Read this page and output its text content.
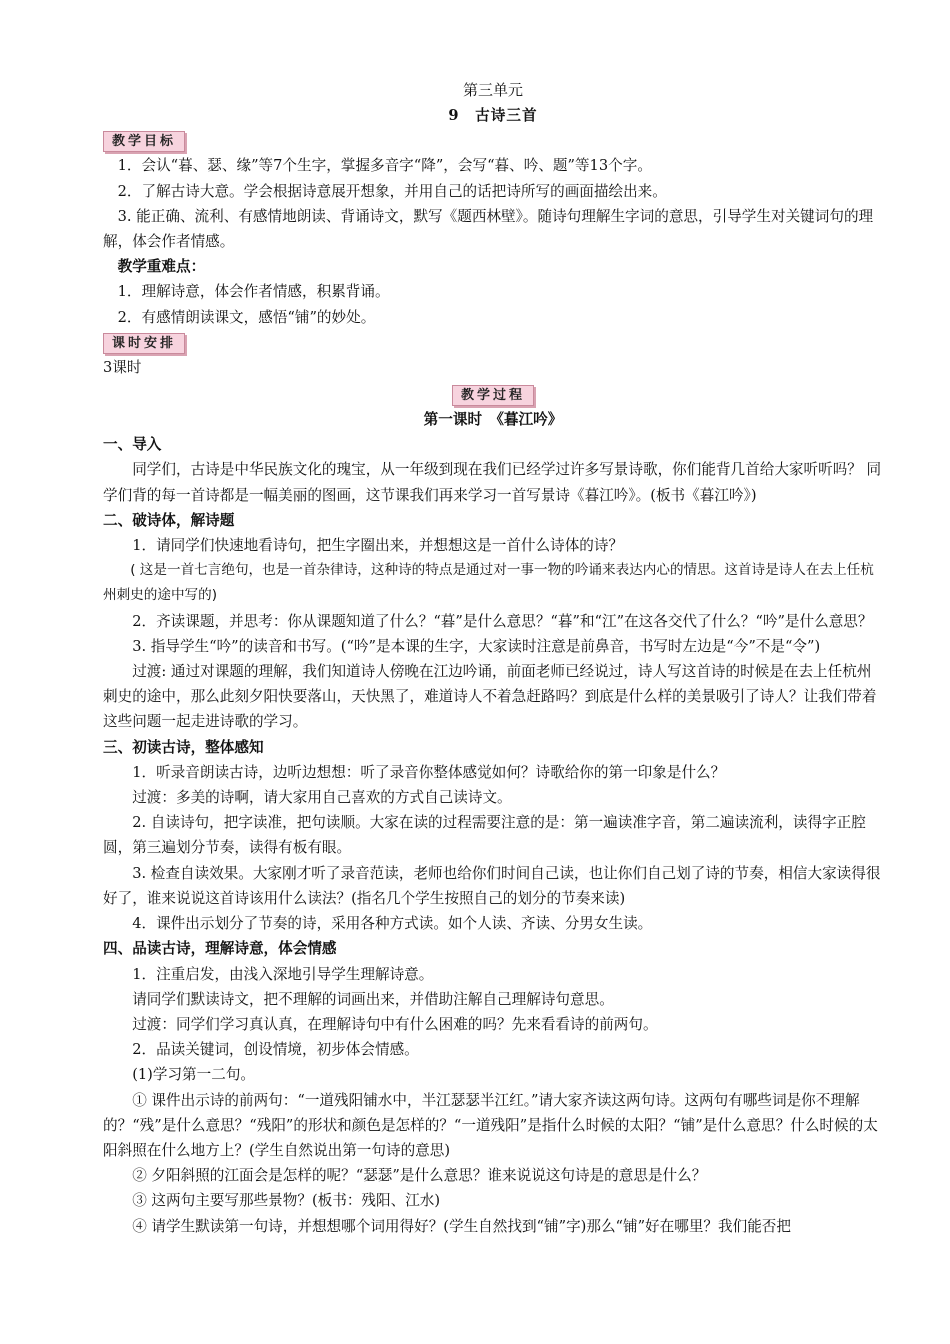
第三单元

9  古诗三首

教学目标

1．会认“暮、瑟、缘”等7个生字，掌握多音字“降”，会写“暮、吟、题”等13个字。

2．了解古诗大意。学会根据诗意展开想象，并用自己的话把诗所写的画面描绘出来。

3. 能正确、流利、有感情地朗读、背诵诗文，默写《题西林壁》。随诗句理解生字词的意思，引导学生对关键词句的理解，体会作者情感。

教学重难点：

1．理解诗意，体会作者情感，积累背诵。

2．有感情朗读课文，感悟“铺”的妙处。

课时安排

3课时

教学过程

第一课时　《暮江吟》

一、导入

同学们，古诗是中华民族文化的瑰宝，从一年级到现在我们已经学过许多写景诗歌，你们能背几首给大家听听吗？ 同学们背的每一首诗都是一幅美丽的图画，这节课我们再来学习一首写景诗《暮江吟》。(板书《暮江吟》)

二、破诗体，解诗题

1．请同学们快速地看诗句，把生字圈出来，并想想这是一首什么诗体的诗？

( 这是一首七言绝句，也是一首杂律诗，这种诗的特点是通过对一事一物的吟诵来表达内心的情思。这首诗是诗人在去上任杭州刺史的途中写的)

2．齐读课题，并思考：你从课题知道了什么？“暮”是什么意思？“暮”和“江”在这各交代了什么？“吟”是什么意思？

3. 指导学生“吟”的读音和书写。(“吟”是本课的生字，大家读时注意是前鼻音，书写时左边是“今”不是“令”)

过渡: 通过对课题的理解，我们知道诗人傍晚在江边吟诵，前面老师已经说过，诗人写这首诗的时候是在去上任杭州刺史的途中，那么此刻夕阳快要落山，天快黑了，难道诗人不着急赶路吗？到底是什么样的美景吸引了诗人？让我们带着这些问题一起走进诗歌的学习。

三、初读古诗，整体感知

1．听录音朗读古诗，边听边想想：听了录音你整体感觉如何？诗歌给你的第一印象是什么？

过渡：多美的诗啊，请大家用自己喜欢的方式自己读诗文。

2. 自读诗句，把字读准，把句读顺。大家在读的过程需要注意的是：第一遍读准字音，第二遍读流利，读得字正腔圆，第三遍划分节奏，读得有板有眼。

3. 检查自读效果。大家刚才听了录音范读，老师也给你们时间自己读，也让你们自己划了诗的节奏，相信大家读得很好了，谁来说说这首诗该用什么读法？(指名几个学生按照自己的划分的节奏来读)

4．课件出示划分了节奏的诗，采用各种方式读。如个人读、齐读、分男女生读。

四、品读古诗，理解诗意，体会情感

1．注重启发，由浅入深地引导学生理解诗意。

请同学们默读诗文，把不理解的词画出来，并借助注解自己理解诗句意思。

过渡：同学们学习真认真，在理解诗句中有什么困难的吗？先来看看诗的前两句。

2．品读关键词，创设情境，初步体会情感。

(1)学习第一二句。

① 课件出示诗的前两句：“一道残阳铺水中，半江瑟瑟半江红。”请大家齐读这两句诗。这两句有哪些词是你不理解的？“残”是什么意思？“残阳”的形状和颜色是怎样的？“一道残阳”是指什么时候的太阳？“铺”是什么意思？什么时候的太阳斜照在什么地方上？(学生自然说出第一句诗的意思)

② 夕阳斜照的江面会是怎样的呢？“瑟瑟”是什么意思？谁来说说这句诗是的意思是什么？

③ 这两句主要写那些景物？(板书：残阳、江水)

④ 请学生默读第一句诗，并想想哪个词用得好？(学生自然找到“铺”字)那么“铺”好在哪里？我们能否把
